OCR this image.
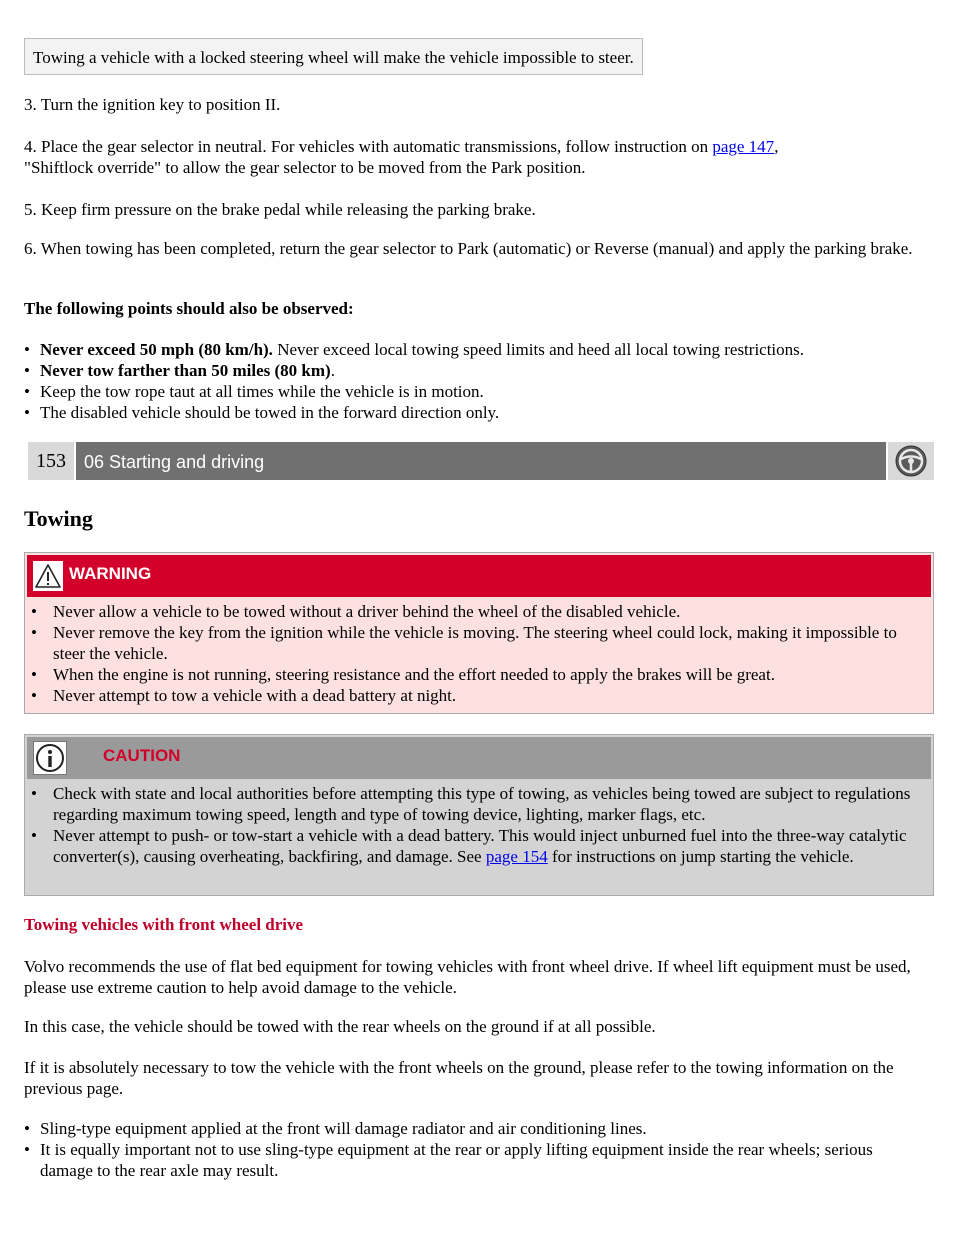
Towing a vehicle with a locked steering wheel will make the vehicle impossible to steer.

3. Turn the ignition key to position II.

4. Place the gear selector in neutral. For vehicles with automatic transmissions, follow instruction on page 147,
"Shiftlock override" to allow the gear selector to be moved from the Park position.

5. Keep firm pressure on the brake pedal while releasing the parking brake.

6. When towing has been completed, return the gear selector to Park (automatic) or Reverse (manual) and apply the parking brake.

The following points should also be observed:

• Never exceed 50 mph (80 km/h). Never exceed local towing speed limits and heed all local towing restrictions.
• Never tow farther than 50 miles (80 km).
• Keep the tow rope taut at all times while the vehicle is in motion.
• The disabled vehicle should be towed in the forward direction only.
153	06 Starting and driving
Towing
WARNING
• Never allow a vehicle to be towed without a driver behind the wheel of the disabled vehicle.
• Never remove the key from the ignition while the vehicle is moving. The steering wheel could lock, making it impossible to steer the vehicle.
• When the engine is not running, steering resistance and the effort needed to apply the brakes will be great.
• Never attempt to tow a vehicle with a dead battery at night.
CAUTION
• Check with state and local authorities before attempting this type of towing, as vehicles being towed are subject to regulations regarding maximum towing speed, length and type of towing device, lighting, marker flags, etc.
• Never attempt to push- or tow-start a vehicle with a dead battery. This would inject unburned fuel into the three-way catalytic converter(s), causing overheating, backfiring, and damage. See page 154 for instructions on jump starting the vehicle.
Towing vehicles with front wheel drive

Volvo recommends the use of flat bed equipment for towing vehicles with front wheel drive. If wheel lift equipment must be used, please use extreme caution to help avoid damage to the vehicle.

In this case, the vehicle should be towed with the rear wheels on the ground if at all possible.

If it is absolutely necessary to tow the vehicle with the front wheels on the ground, please refer to the towing information on the previous page.

• Sling-type equipment applied at the front will damage radiator and air conditioning lines.
• It is equally important not to use sling-type equipment at the rear or apply lifting equipment inside the rear wheels; serious damage to the rear axle may result.
